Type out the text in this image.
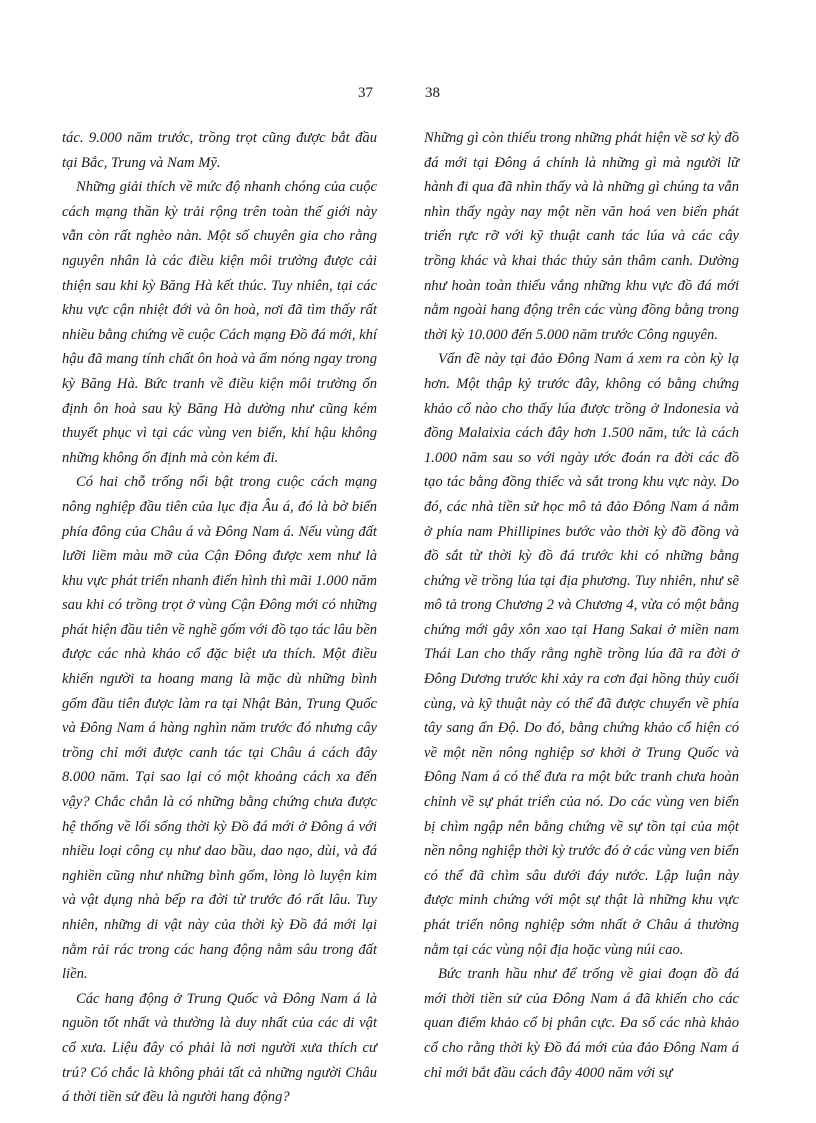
37	38

tác. 9.000 năm trước, trồng trọt cũng được bắt đầu tại Bắc, Trung và Nam Mỹ.

Những giải thích về mức độ nhanh chóng của cuộc cách mạng thần kỳ trải rộng trên toàn thế giới này vẫn còn rất nghèo nàn. Một số chuyên gia cho rằng nguyên nhân là các điều kiện môi trường được cải thiện sau khi kỳ Băng Hà kết thúc. Tuy nhiên, tại các khu vực cận nhiệt đới và ôn hoà, nơi đã tìm thấy rất nhiều bằng chứng về cuộc Cách mạng Đồ đá mới, khí hậu đã mang tính chất ôn hoà và ấm nóng ngay trong kỳ Băng Hà. Bức tranh về điều kiện môi trường ổn định ôn hoà sau kỳ Băng Hà dường như cũng kém thuyết phục vì tại các vùng ven biển, khí hậu không những không ổn định mà còn kém đi.

Có hai chỗ trống nổi bật trong cuộc cách mạng nông nghiệp đầu tiên của lục địa Âu á, đó là bờ biển phía đông của Châu á và Đông Nam á. Nếu vùng đất lưỡi liềm màu mỡ của Cận Đông được xem như là khu vực phát triển nhanh điển hình thì mãi 1.000 năm sau khi có trồng trọt ở vùng Cận Đông mới có những phát hiện đầu tiên về nghề gốm với đồ tạo tác lâu bền được các nhà khảo cổ đặc biệt ưa thích. Một điều khiến người ta hoang mang là mặc dù những bình gốm đầu tiên được làm ra tại Nhật Bản, Trung Quốc và Đông Nam á hàng nghìn năm trước đó nhưng cây trồng chỉ mới được canh tác tại Châu á cách đây 8.000 năm. Tại sao lại có một khoảng cách xa đến vậy? Chắc chắn là có những bằng chứng chưa được hệ thống về lối sống thời kỳ Đồ đá mới ở Đông á với nhiều loại công cụ như dao bầu, dao nạo, dùi, và đá nghiền cũng như những bình gốm, lòng lò luyện kim và vật dụng nhà bếp ra đời từ trước đó rất lâu. Tuy nhiên, những di vật này của thời kỳ Đồ đá mới lại nằm rải rác trong các hang động nằm sâu trong đất liền.

Các hang động ở Trung Quốc và Đông Nam á là nguồn tốt nhất và thường là duy nhất của các di vật cổ xưa. Liệu đây có phải là nơi người xưa thích cư trú? Có chắc là không phải tất cả những người Châu á thời tiền sử đều là người hang động?

Những gì còn thiếu trong những phát hiện về sơ kỳ đồ đá mới tại Đông á chính là những gì mà người lữ hành đi qua đã nhìn thấy và là những gì chúng ta vẫn nhìn thấy ngày nay một nền văn hoá ven biển phát triển rực rỡ với kỹ thuật canh tác lúa và các cây trồng khác và khai thác thủy sản thâm canh. Dường như hoàn toàn thiếu vắng những khu vực đồ đá mới nằm ngoài hang động trên các vùng đồng bằng trong thời kỳ 10.000 đến 5.000 năm trước Công nguyên.

Vấn đề này tại đảo Đông Nam á xem ra còn kỳ lạ hơn. Một thập kỷ trước đây, không có bằng chứng khảo cổ nào cho thấy lúa được trồng ở Indonesia và đồng Malaixia cách đây hơn 1.500 năm, tức là cách 1.000 năm sau so với ngày ước đoán ra đời các đồ tạo tác bằng đồng thiếc và sắt trong khu vực này. Do đó, các nhà tiền sử học mô tả đảo Đông Nam á nằm ở phía nam Phillipines bước vào thời kỳ đồ đồng và đồ sắt từ thời kỳ đồ đá trước khi có những bằng chứng về trồng lúa tại địa phương. Tuy nhiên, như sẽ mô tả trong Chương 2 và Chương 4, vừa có một bằng chứng mới gây xôn xao tại Hang Sakai ở miền nam Thái Lan cho thấy rằng nghề trồng lúa đã ra đời ở Đông Dương trước khi xảy ra cơn đại hồng thủy cuối cùng, và kỹ thuật này có thể đã được chuyển về phía tây sang ấn Độ. Do đó, bằng chứng khảo cổ hiện có về một nền nông nghiệp sơ khởi ở Trung Quốc và Đông Nam á có thể đưa ra một bức tranh chưa hoàn chỉnh về sự phát triển của nó. Do các vùng ven biển bị chìm ngập nên bằng chứng về sự tồn tại của một nền nông nghiệp thời kỳ trước đó ở các vùng ven biển có thể đã chìm sâu dưới đáy nước. Lập luận này được minh chứng với một sự thật là những khu vực phát triển nông nghiệp sớm nhất ở Châu á thường nằm tại các vùng nội địa hoặc vùng núi cao.

Bức tranh hầu như để trống về giai đoạn đồ đá mới thời tiền sử của Đông Nam á đã khiến cho các quan điểm khảo cổ bị phân cực. Đa số các nhà khảo cổ cho rằng thời kỳ Đồ đá mới của đảo Đông Nam á chỉ mới bắt đầu cách đây 4000 năm với sự
